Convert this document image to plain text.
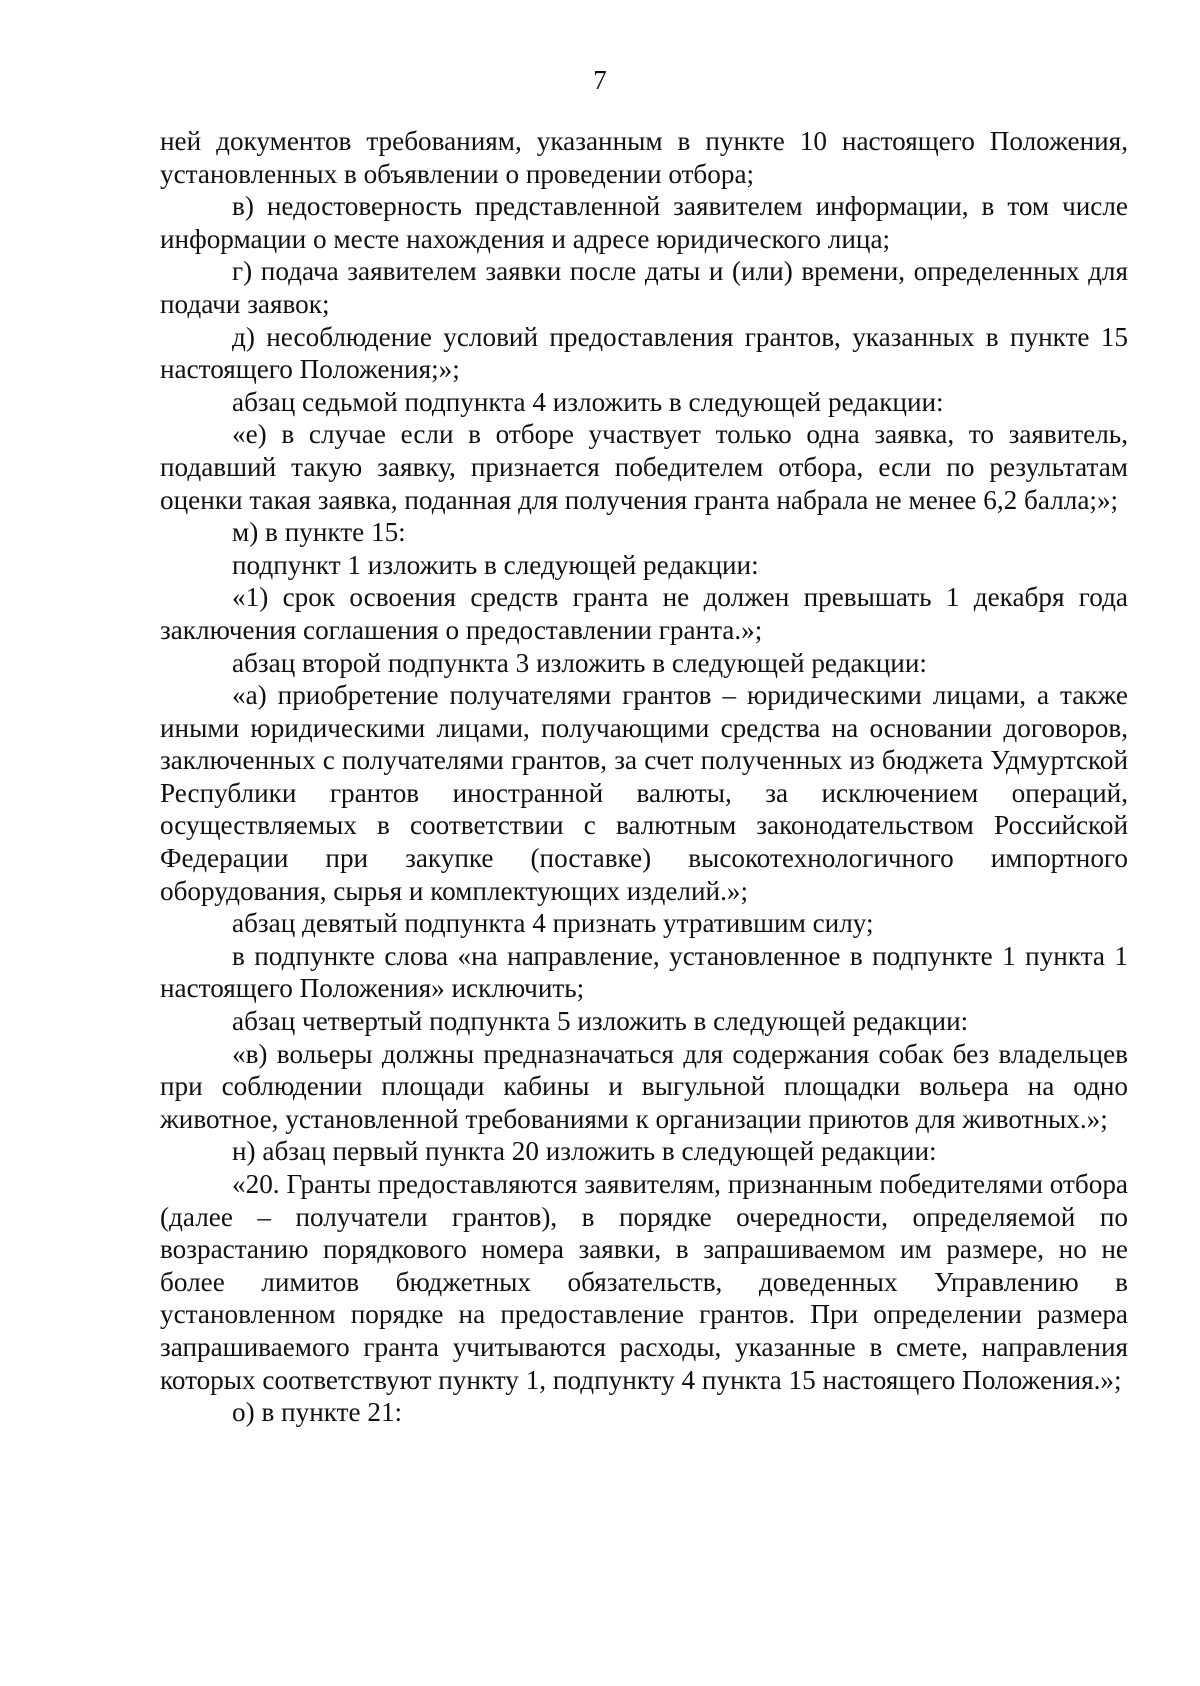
7

ней документов требованиям, указанным в пункте 10 настоящего Положения, установленных в объявлении о проведении отбора;

в) недостоверность представленной заявителем информации, в том числе информации о месте нахождения и адресе юридического лица;

г) подача заявителем заявки после даты и (или) времени, определенных для подачи заявок;

д) несоблюдение условий предоставления грантов, указанных в пункте 15 настоящего Положения;»;

абзац седьмой подпункта 4 изложить в следующей редакции:

«е) в случае если в отборе участвует только одна заявка, то заявитель, подавший такую заявку, признается победителем отбора, если по результатам оценки такая заявка, поданная для получения гранта набрала не менее 6,2 балла;»;

м) в пункте 15:

подпункт 1 изложить в следующей редакции:

«1) срок освоения средств гранта не должен превышать 1 декабря года заключения соглашения о предоставлении гранта.»;

абзац второй подпункта 3 изложить в следующей редакции:

«а) приобретение получателями грантов – юридическими лицами, а также иными юридическими лицами, получающими средства на основании договоров, заключенных с получателями грантов, за счет полученных из бюджета Удмуртской Республики грантов иностранной валюты, за исключением операций, осуществляемых в соответствии с валютным законодательством Российской Федерации при закупке (поставке) высокотехнологичного импортного оборудования, сырья и комплектующих изделий.»;

абзац девятый подпункта 4 признать утратившим силу;

в подпункте слова «на направление, установленное в подпункте 1 пункта 1 настоящего Положения» исключить;

абзац четвертый подпункта 5 изложить в следующей редакции:

«в) вольеры должны предназначаться для содержания собак без владельцев при соблюдении площади кабины и выгульной площадки вольера на одно животное, установленной требованиями к организации приютов для животных.»;

н) абзац первый пункта 20 изложить в следующей редакции:

«20. Гранты предоставляются заявителям, признанным победителями отбора (далее – получатели грантов), в порядке очередности, определяемой по возрастанию порядкового номера заявки, в запрашиваемом им размере, но не более лимитов бюджетных обязательств, доведенных Управлению в установленном порядке на предоставление грантов. При определении размера запрашиваемого гранта учитываются расходы, указанные в смете, направления которых соответствуют пункту 1, подпункту 4 пункта 15 настоящего Положения.»;

о) в пункте 21:
